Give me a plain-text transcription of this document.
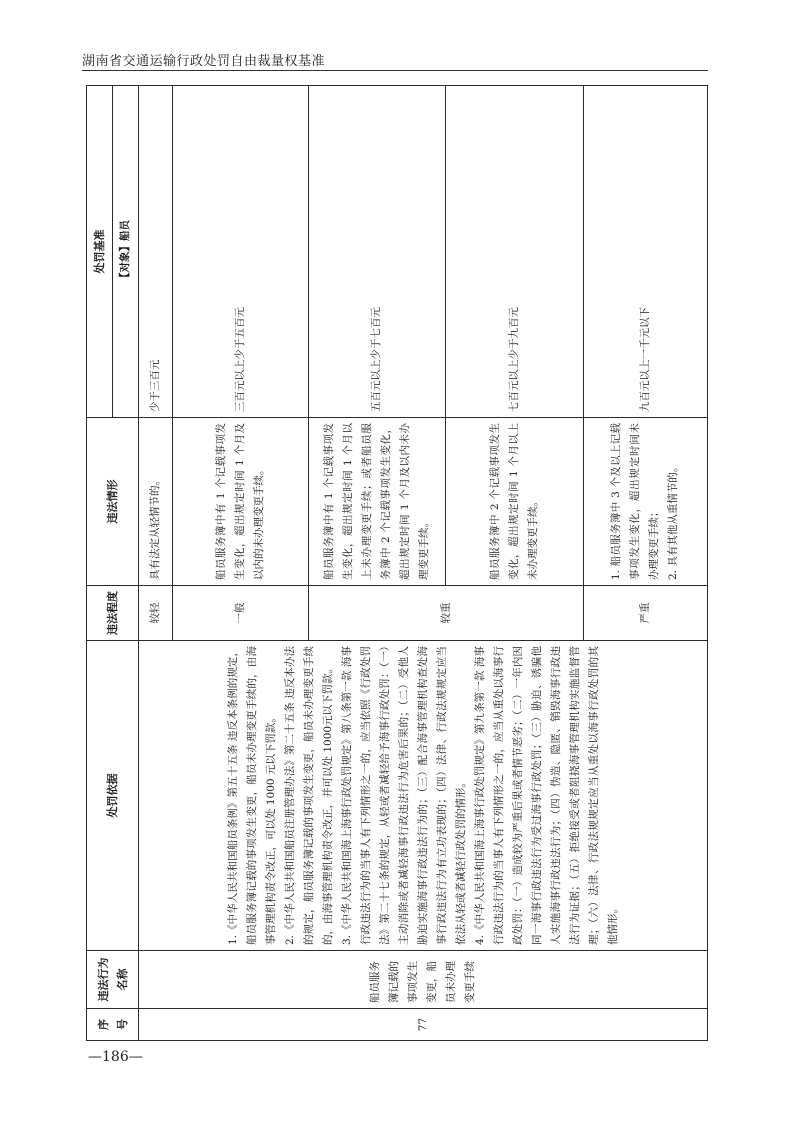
湖南省交通运输行政处罚自由裁量权基准
序号	违法行为名称	处罚依据	违法程度	违法情形	处罚基准
					【对象】船员
77	船员服务簿记载的事项发生变更，船员未办理变更手续	1.《中华人民共和国船员条例》第五十五条 违反本条例的规定，船员服务簿记载的事项发生变更，船员未办理变更手续的，由海事管理机构责令改正，可以处 1000 元以下罚款。 2.《中华人民共和国船员注册管理办法》第二十五条 违反本办法的规定，船员服务簿记载的事项发生变更，船员未办理变更手续的，由海事管理机构责令改正，并可以处 1000元以下罚款。 3.《中华人民共和国海上海事行政处罚规定》第八条第一款 海事行政违法行为的当事人有下列情形之一的，应当依照《行政处罚法》第二十七条的规定，从轻或者减轻给予海事行政处罚：（一）主动消除或者减轻海事行政违法行为危害后果的；（二）受他人胁迫实施海事行政违法行为的；（三）配合海事管理机构查处海事行政违法行为有立功表现的；（四）法律、行政法规规定应当依法从轻或者减轻行政处罚的情形。 4.《中华人民共和国海上海事行政处罚规定》第九条第一款 海事行政违法行为的当事人有下列情形之一的，应当从重处以海事行政处罚：（一）造成较为严重后果或者情节恶劣；（二）一年内因同一海事行政违法行为受过海事行政处罚；（三）胁迫、诱骗他人实施海事行政违法行为；（四）伪造、隐匿、销毁海事行政违法行为证据；（五）拒绝接受或者阻挠海事管理机构实施监督管理；（六）法律、行政法规规定应当从重处以海事行政处罚的其他情形。	较轻	具有法定从轻情节的。	少于三百元
			一般	船员服务簿中有 1 个记载事项发生变化，超出规定时间 1 个月及以内的未办理变更手续。	三百元以上少于五百元
			较重	船员服务簿中有 1 个记载事项发生变化，超出规定时间 1 个月以上未办理变更手续；或者船员服务簿中 2 个记载事项发生变化，超出规定时间 1 个月及以内未办理变更手续。	五百元以上少于七百元
				船员服务簿中 2 个记载事项发生变化，超出规定时间 1 个月以上未办理变更手续。	七百元以上少于九百元
			严重	1. 船员服务簿中 3 个及以上记载事项发生变化，超出规定时间未办理变更手续；
2. 具有其他从重情节的。	九百元以上一千元以下
—186—
